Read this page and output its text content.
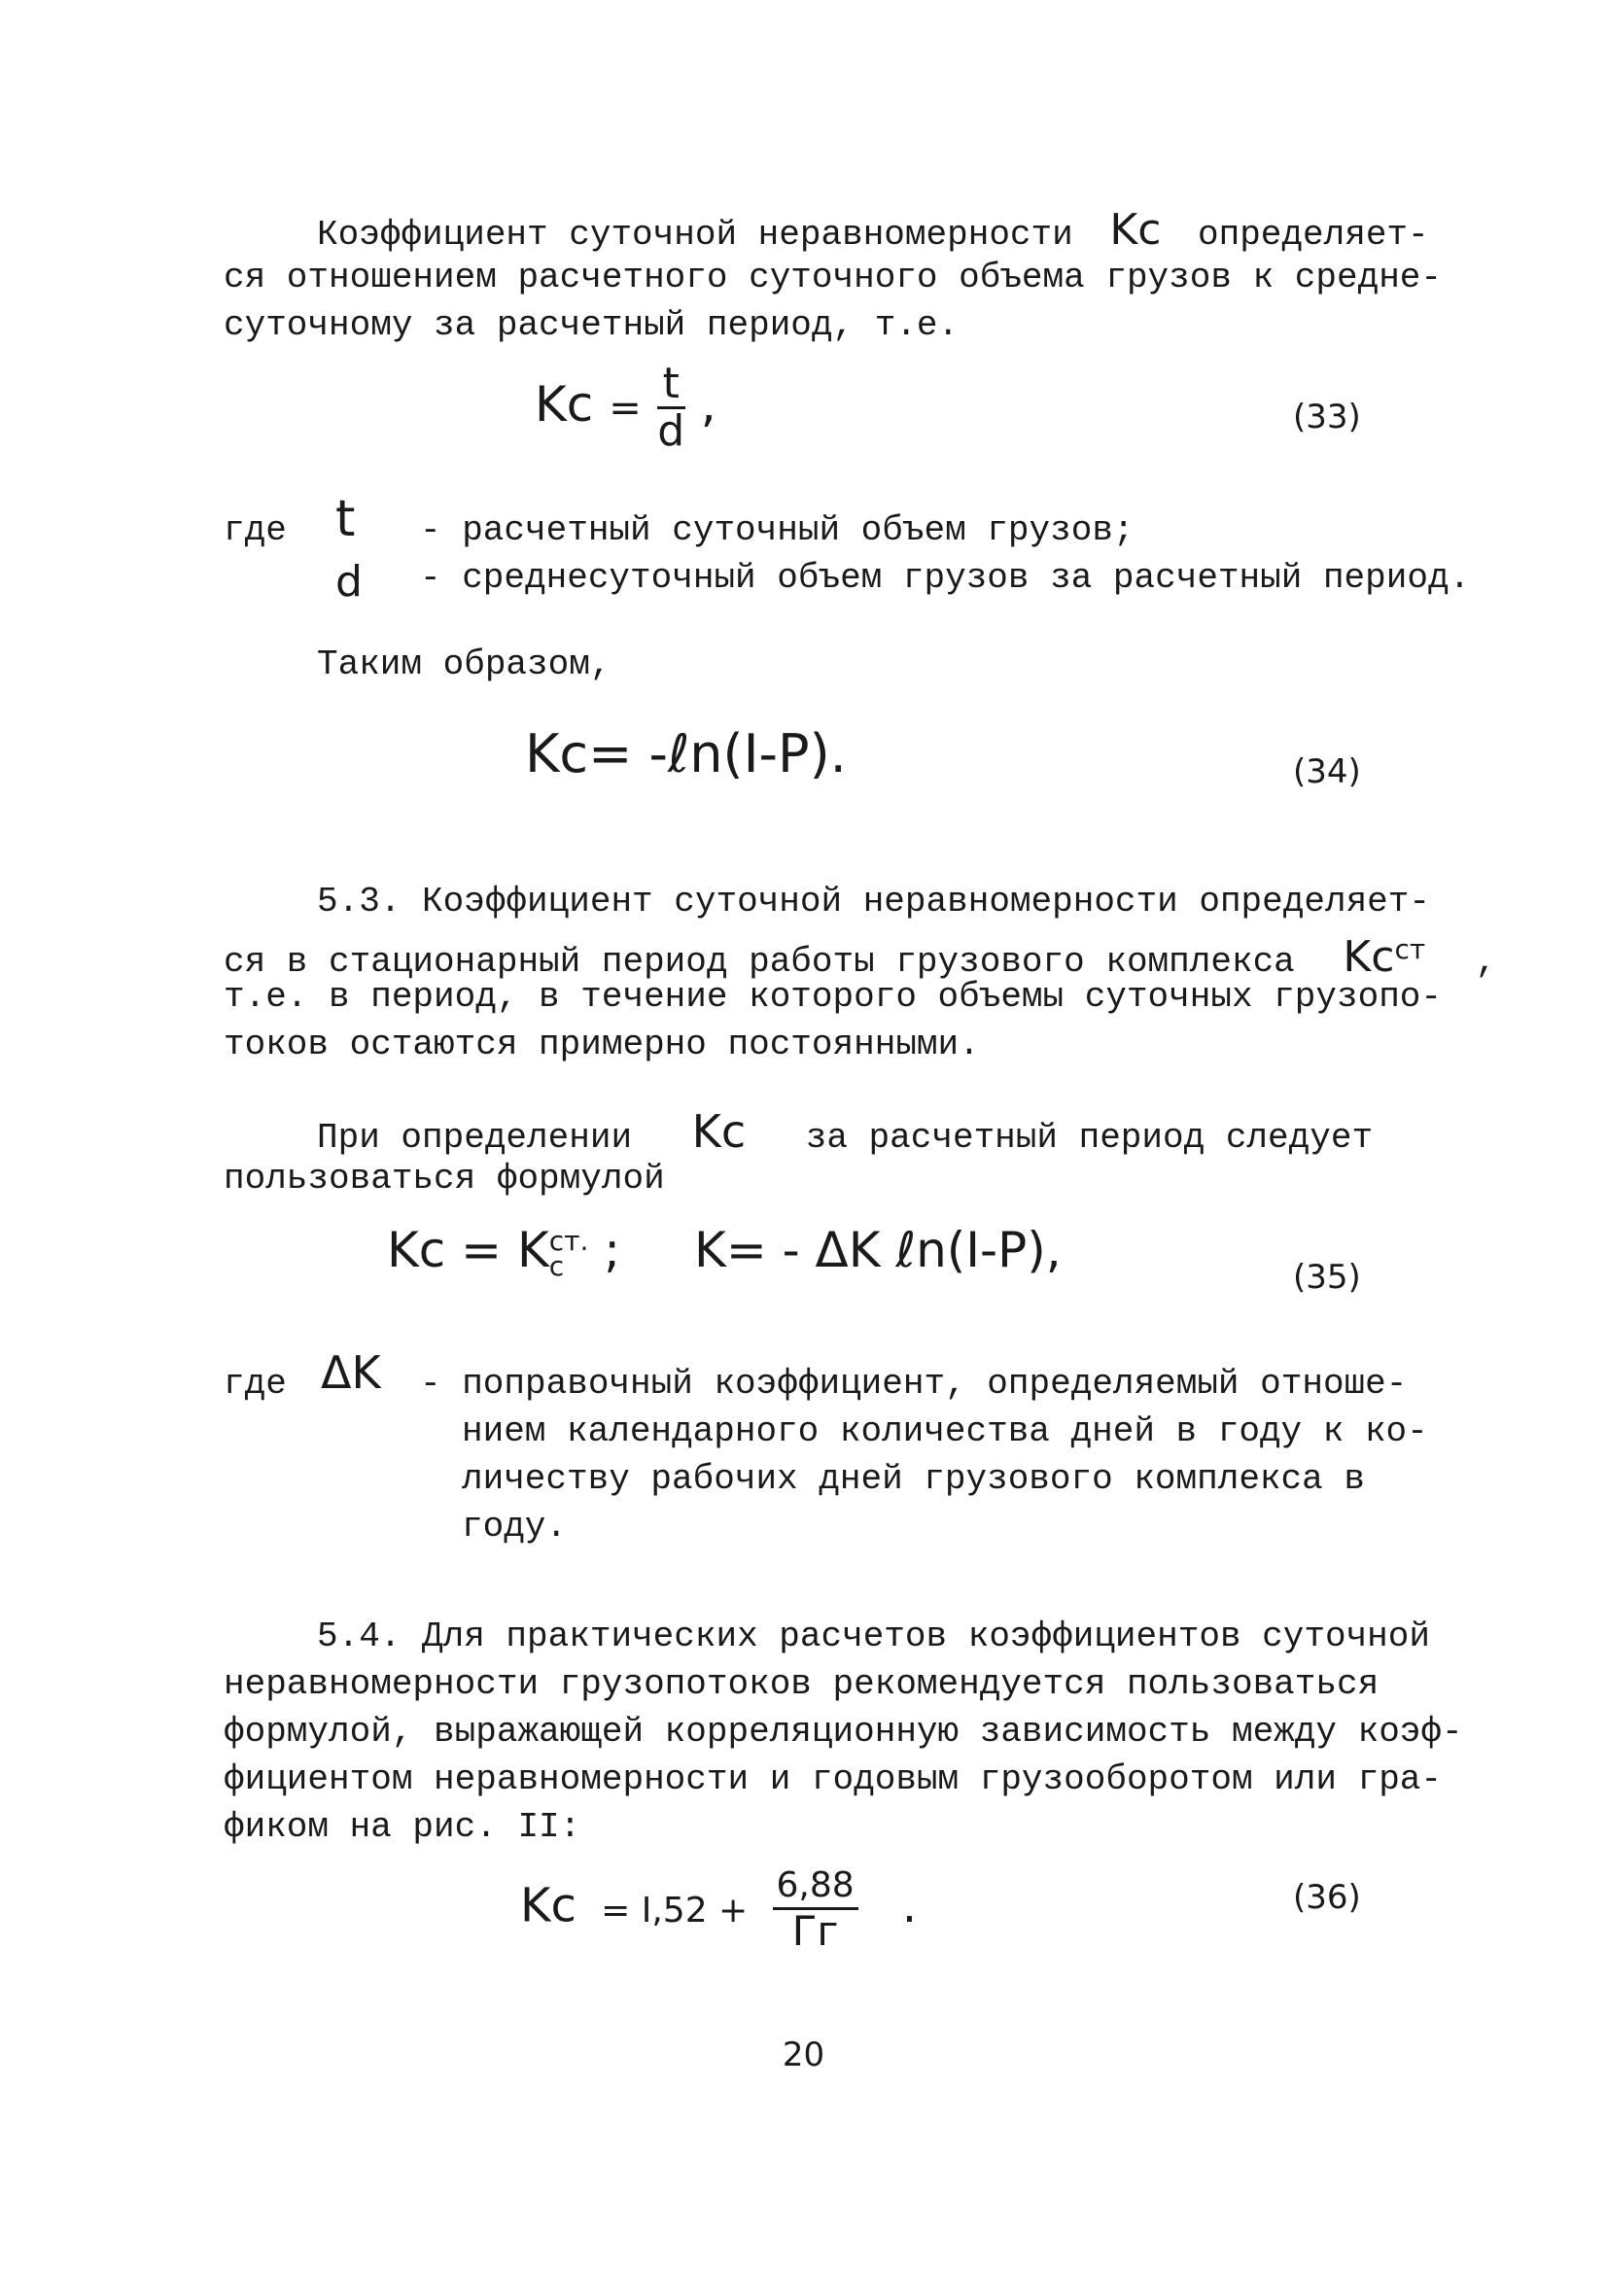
Коэффициент суточной неравномерности Kc определяет-
ся отношением расчетного суточного объема грузов к средне-
суточному за расчетный период, т.е.
$Kc = \frac{t}{d}$ ,	(33)
где t - расчетный суточный объем грузов;
d - среднесуточный объем грузов за расчетный период.
Таким образом,
Kc= -ℓn(I-P).	(34)
5.3. Коэффициент суточной неравномерности определяет-
ся в стационарный период работы грузового комплекса $Kc^{ст}$ ,
т.е. в период, в течение которого объемы суточных грузопо-
токов остаются примерно постоянными.
При определении Kc за расчетный период следует
пользоваться формулой
Kc = K ст.
c ; K= - ΔK ℓn(I-P),	(35)
где ΔK - поправочный коэффициент, определяемый отноше-
нием календарного количества дней в году к ко-
личеству рабочих дней грузового комплекса в
году.
5.4. Для практических расчетов коэффициентов суточной
неравномерности грузопотоков рекомендуется пользоваться
формулой, выражающей корреляционную зависимость между коэф-
фициентом неравномерности и годовым грузооборотом или гра-
фиком на рис. II:
Kc = I,52 +
6,88
Гг	.	(36)
20
